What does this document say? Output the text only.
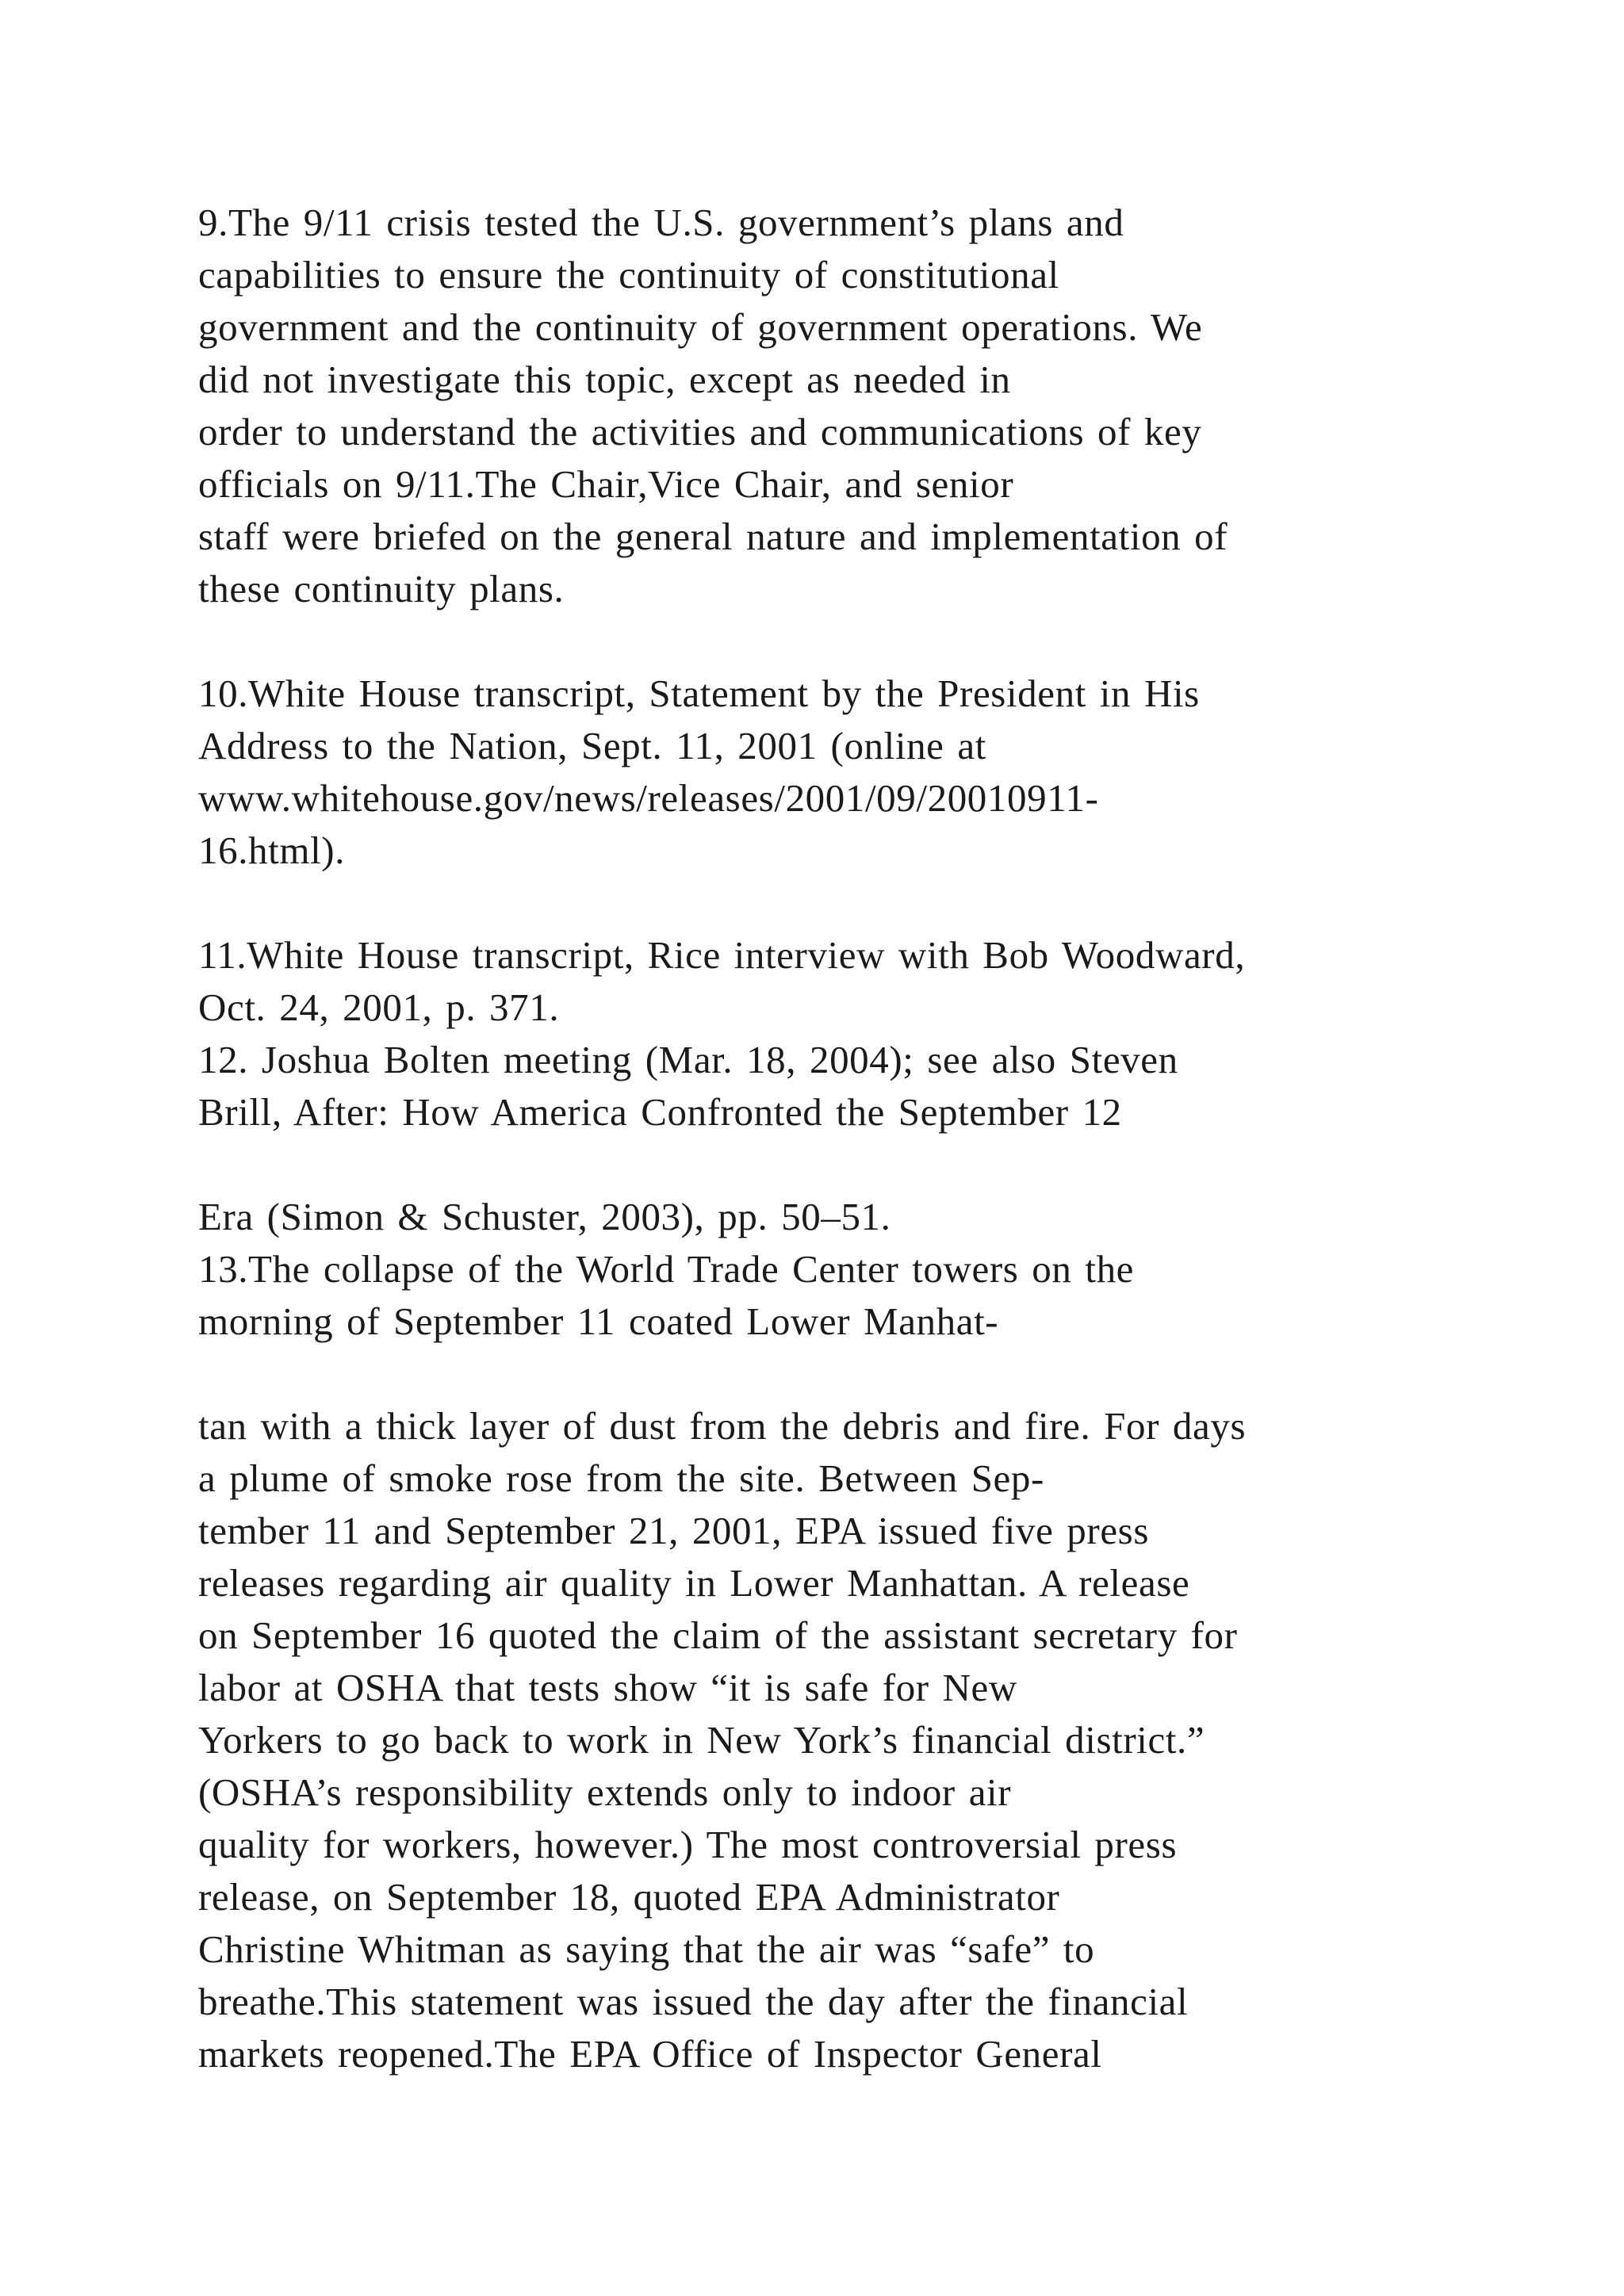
9.The 9/11 crisis tested the U.S. government’s plans and
capabilities to ensure the continuity of constitutional
government and the continuity of government operations. We
did not investigate this topic, except as needed in
order to understand the activities and communications of key
officials on 9/11.The Chair,Vice Chair, and senior
staff were briefed on the general nature and implementation of
these continuity plans.
10.White House transcript, Statement by the President in His
Address to the Nation, Sept. 11, 2001 (online at
www.whitehouse.gov/news/releases/2001/09/20010911-
16.html).
11.White House transcript, Rice interview with Bob Woodward,
Oct. 24, 2001, p. 371.
12. Joshua Bolten meeting (Mar. 18, 2004); see also Steven
Brill, After: How America Confronted the September 12
Era (Simon & Schuster, 2003), pp. 50–51.
13.The collapse of the World Trade Center towers on the
morning of September 11 coated Lower Manhat-
tan with a thick layer of dust from the debris and fire. For days
a plume of smoke rose from the site. Between Sep-
tember 11 and September 21, 2001, EPA issued five press
releases regarding air quality in Lower Manhattan. A release
on September 16 quoted the claim of the assistant secretary for
labor at OSHA that tests show “it is safe for New
Yorkers to go back to work in New York’s financial district.”
(OSHA’s responsibility extends only to indoor air
quality for workers, however.) The most controversial press
release, on September 18, quoted EPA Administrator
Christine Whitman as saying that the air was “safe” to
breathe.This statement was issued the day after the financial
markets reopened.The EPA Office of Inspector General
